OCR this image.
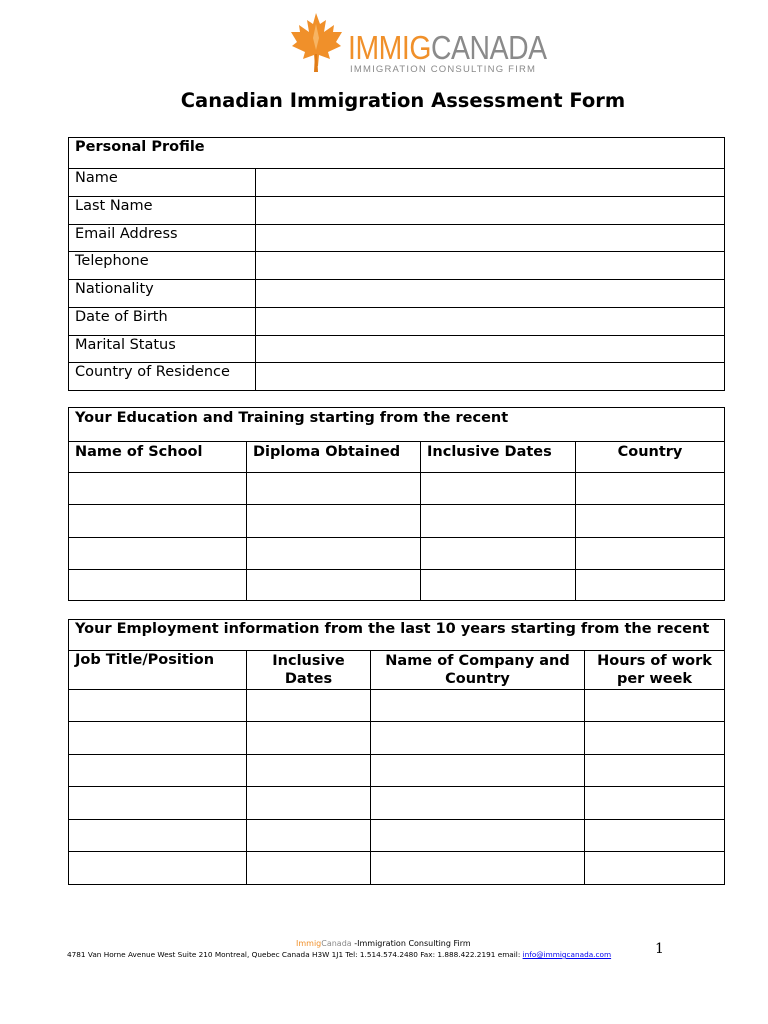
IMMIGCANADA
IMMIGRATION CONSULTING FIRM
Canadian Immigration Assessment Form
Personal Profile	
Name	
Last Name	
Email Address	
Telephone	
Nationality	
Date of Birth	
Marital Status	
Country of Residence	
Your Education and Training starting from the recent			
Name of School	Diploma Obtained	Inclusive Dates	Country

Your Employment information from the last 10 years starting from the recent			
Job Title/Position	Inclusive Dates	Name of Company and Country	Hours of work per week

ImmigCanada -Immigration Consulting Firm
4781 Van Horne Avenue West Suite 210 Montreal, Quebec Canada H3W 1J1 Tel: 1.514.574.2480 Fax: 1.888.422.2191 email: info@immigcanada.com	1
